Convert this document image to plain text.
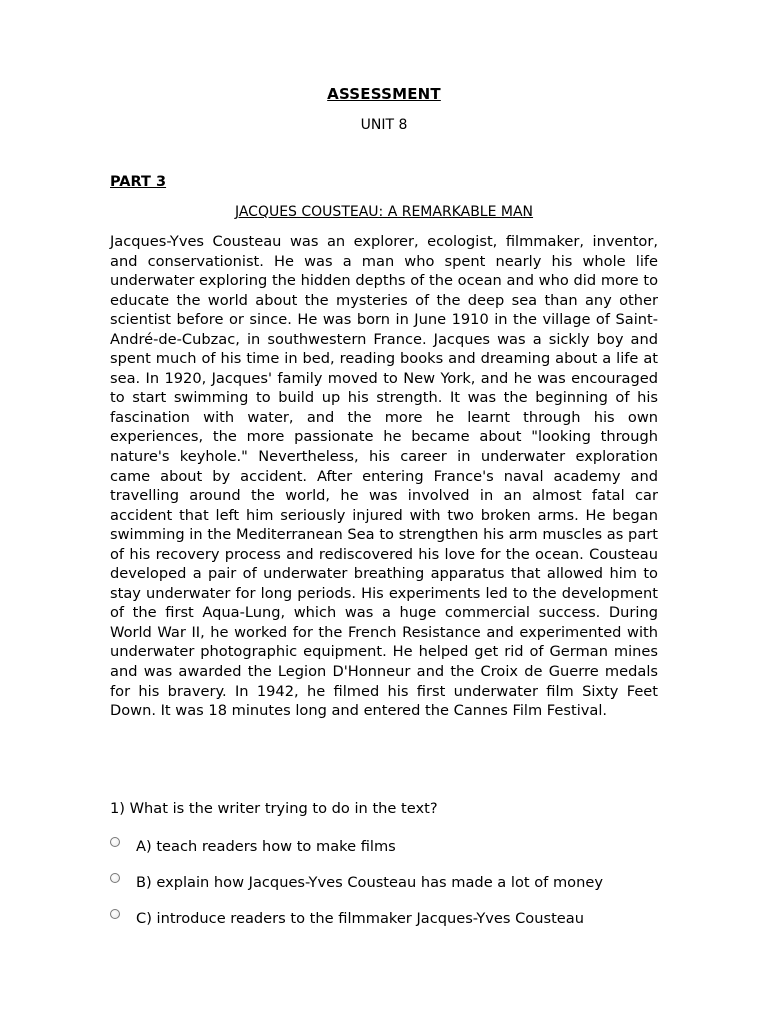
ASSESSMENT
UNIT 8
PART 3
JACQUES COUSTEAU: A REMARKABLE MAN

Jacques-Yves Cousteau was an explorer, ecologist, filmmaker, inventor, and conservationist. He was a man who spent nearly his whole life underwater exploring the hidden depths of the ocean and who did more to educate the world about the mysteries of the deep sea than any other scientist before or since. He was born in June 1910 in the village of Saint-André-de-Cubzac, in southwestern France. Jacques was a sickly boy and spent much of his time in bed, reading books and dreaming about a life at sea. In 1920, Jacques' family moved to New York, and he was encouraged to start swimming to build up his strength. It was the beginning of his fascination with water, and the more he learnt through his own experiences, the more passionate he became about "looking through nature's keyhole." Nevertheless, his career in underwater exploration came about by accident. After entering France's naval academy and travelling around the world, he was involved in an almost fatal car accident that left him seriously injured with two broken arms. He began swimming in the Mediterranean Sea to strengthen his arm muscles as part of his recovery process and rediscovered his love for the ocean. Cousteau developed a pair of underwater breathing apparatus that allowed him to stay underwater for long periods. His experiments led to the development of the first Aqua-Lung, which was a huge commercial success. During World War II, he worked for the French Resistance and experimented with underwater photographic equipment. He helped get rid of German mines and was awarded the Legion D'Honneur and the Croix de Guerre medals for his bravery. In 1942, he filmed his first underwater film Sixty Feet Down. It was 18 minutes long and entered the Cannes Film Festival.

1) What is the writer trying to do in the text?
A) teach readers how to make films
B) explain how Jacques-Yves Cousteau has made a lot of money
C) introduce readers to the filmmaker Jacques-Yves Cousteau
